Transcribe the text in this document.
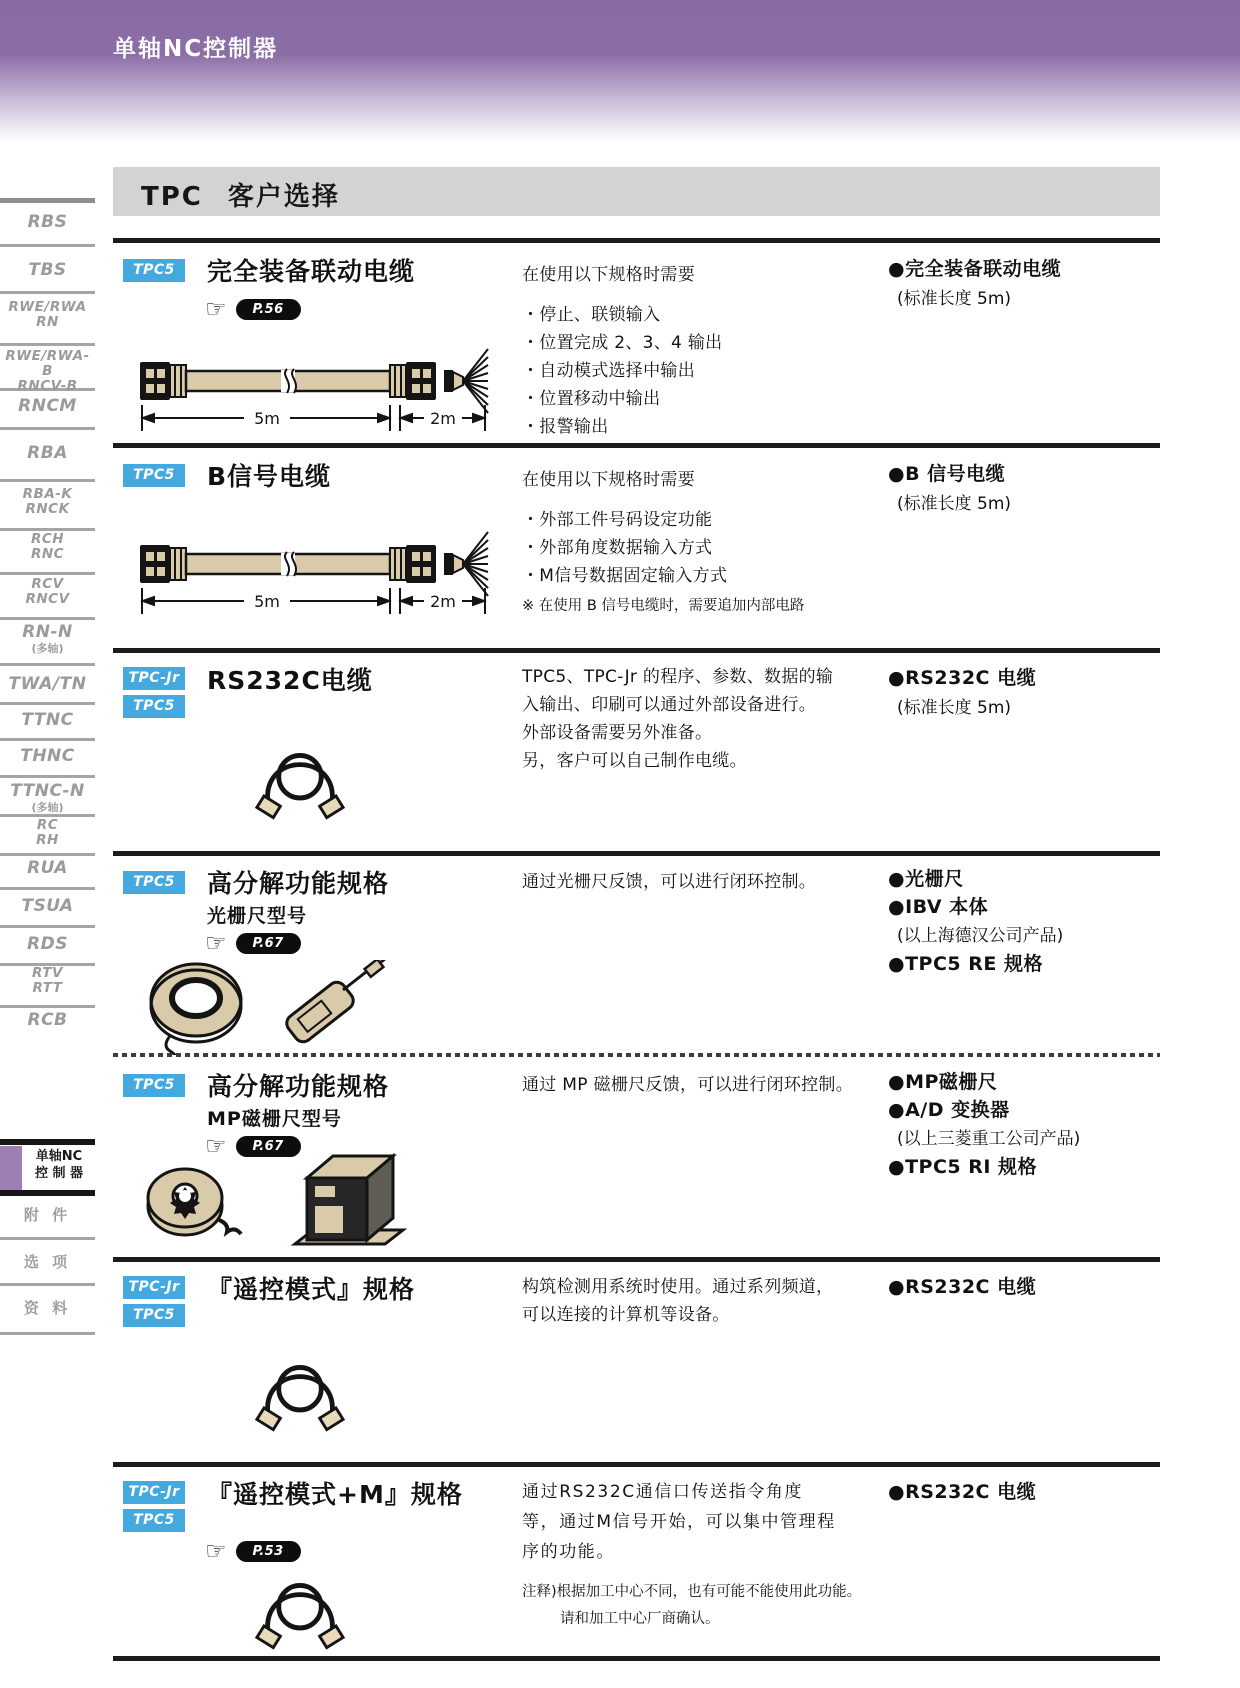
单轴NC控制器
TPC 客户选择
RBS
TBS
RWE/RWA
RN
RWE/RWA-B
RNCV-B
RNCM
RBA
RBA-K
RNCK
RCH
RNC
RCV
RNCV
RN-N
(多轴)
TWA/TN
TTNC
THNC
TTNC-N
(多轴)
RC
RH
RUA
TSUA
RDS
RTV
RTT
RCB
单轴NC
控 制 器
附 件
选 项
资 料
TPC5	完全装备联动电缆
☞	P.56
5m	2m
在使用以下规格时需要
・停止、联锁输入
・位置完成 2、3、4 输出
・自动模式选择中输出
・位置移动中输出
・报警输出
●完全装备联动电缆
(标准长度 5m)
TPC5	B信号电缆
5m	2m
在使用以下规格时需要
・外部工件号码设定功能
・外部角度数据输入方式
・M信号数据固定输入方式
※ 在使用 B 信号电缆时，需要追加内部电路
●B 信号电缆
(标准长度 5m)
TPC-Jr
TPC5
RS232C电缆	TPC5、TPC-Jr 的程序、参数、数据的输
入输出、印刷可以通过外部设备进行。
外部设备需要另外准备。
另，客户可以自己制作电缆。
●RS232C 电缆
(标准长度 5m)
TPC5	高分解功能规格
光栅尺型号
☞	P.67
通过光栅尺反馈，可以进行闭环控制。	●光栅尺
●IBV 本体
(以上海德汉公司产品)
●TPC5 RE 规格
TPC5	高分解功能规格
MP磁栅尺型号
☞	P.67
通过 MP 磁栅尺反馈，可以进行闭环控制。 ●MP磁栅尺
●A/D 变换器
(以上三菱重工公司产品)
●TPC5 RI 规格
TPC-Jr
TPC5
『遥控模式』规格	构筑检测用系统时使用。通过系列频道，
可以连接的计算机等设备。
●RS232C 电缆
TPC-Jr
TPC5
『遥控模式+M』规格
☞	P.53
通过RS232C通信口传送指令角度
等，通过M信号开始，可以集中管理程
序的功能。
注释)根据加工中心不同，也有可能不能使用此功能。
请和加工中心厂商确认。
●RS232C 电缆
